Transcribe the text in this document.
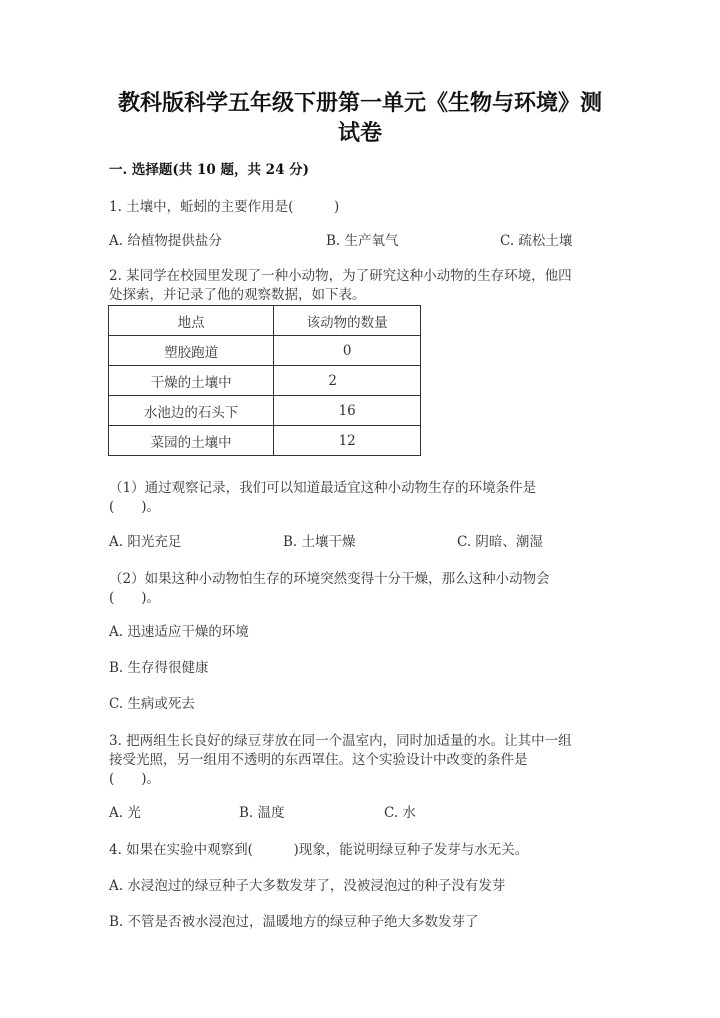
教科版科学五年级下册第一单元《生物与环境》测
试卷
一. 选择题(共 10 题，共 24 分)
1. 土壤中，蚯蚓的主要作用是(　　　)
A. 给植物提供盐分	B. 生产氧气	C. 疏松土壤
2. 某同学在校园里发现了一种小动物，为了研究这种小动物的生存环境，他四
处探索，并记录了他的观察数据，如下表。
地点	该动物的数量
塑胶跑道	0
干燥的土壤中	2
水池边的石头下	16
菜园的土壤中	12
（1）通过观察记录，我们可以知道最适宜这种小动物生存的环境条件是
(　　)。
A. 阳光充足	B. 土壤干燥	C. 阴暗、潮湿
（2）如果这种小动物怕生存的环境突然变得十分干燥，那么这种小动物会
(　　)。
A. 迅速适应干燥的环境
B. 生存得很健康
C. 生病或死去
3. 把两组生长良好的绿豆芽放在同一个温室内，同时加适量的水。让其中一组
接受光照，另一组用不透明的东西罩住。这个实验设计中改变的条件是
(　　)。
A. 光	B. 温度	C. 水
4. 如果在实验中观察到(　　　)现象，能说明绿豆种子发芽与水无关。
A. 水浸泡过的绿豆种子大多数发芽了，没被浸泡过的种子没有发芽
B. 不管是否被水浸泡过，温暖地方的绿豆种子绝大多数发芽了
